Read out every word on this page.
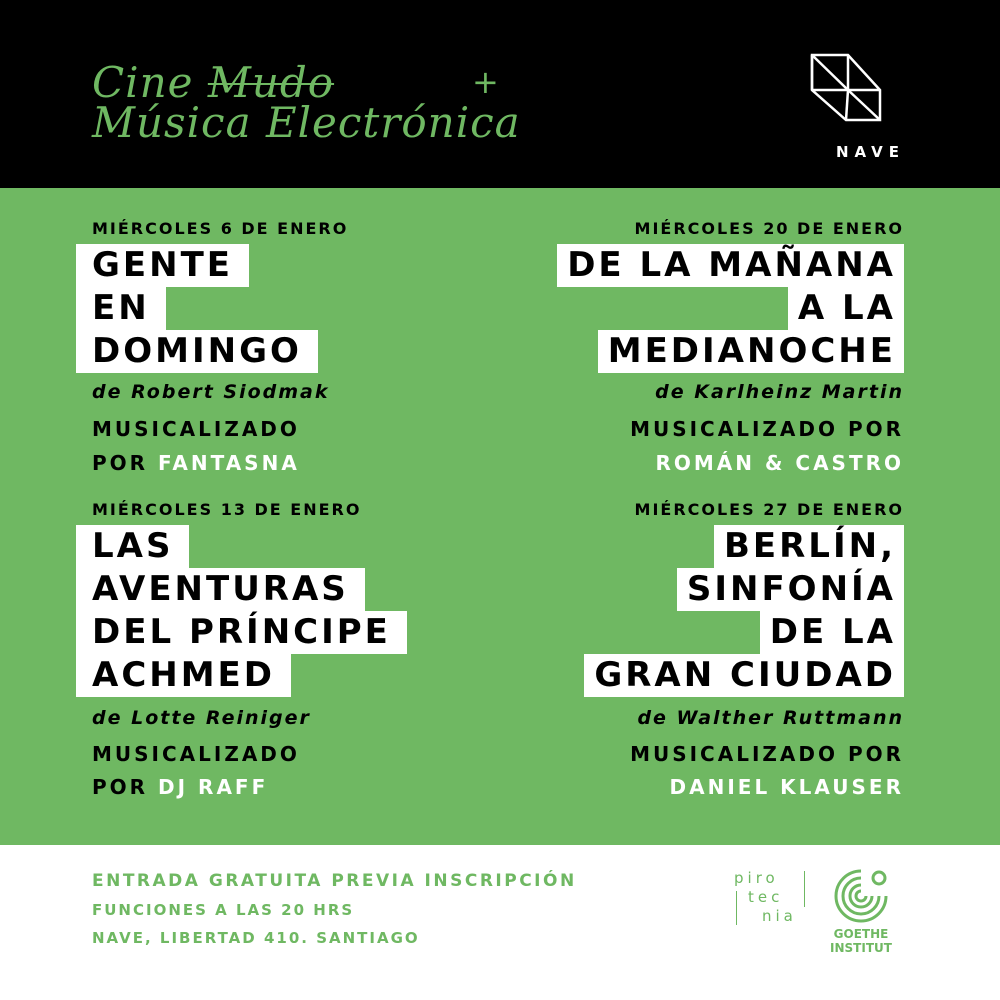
Cine Mudo	+
Música Electrónica
NAVE
MIÉRCOLES 6 DE ENERO
GENTE
EN
DOMINGO
de Robert Siodmak
MUSICALIZADO
POR FANTASNA
MIÉRCOLES 13 DE ENERO
LAS
AVENTURAS
DEL PRÍNCIPE
ACHMED
de Lotte Reiniger
MUSICALIZADO
POR DJ RAFF
MIÉRCOLES 20 DE ENERO
DE LA MAÑANA
A LA
MEDIANOCHE
de Karlheinz Martin
MUSICALIZADO POR
ROMÁN & CASTRO
MIÉRCOLES 27 DE ENERO
BERLÍN,
SINFONÍA
DE LA
GRAN CIUDAD
de Walther Ruttmann
MUSICALIZADO POR
DANIEL KLAUSER
ENTRADA GRATUITA PREVIA INSCRIPCIÓN
FUNCIONES A LAS 20 HRS
NAVE, LIBERTAD 410. SANTIAGO
piro
tec
nia
GOETHE
INSTITUT
